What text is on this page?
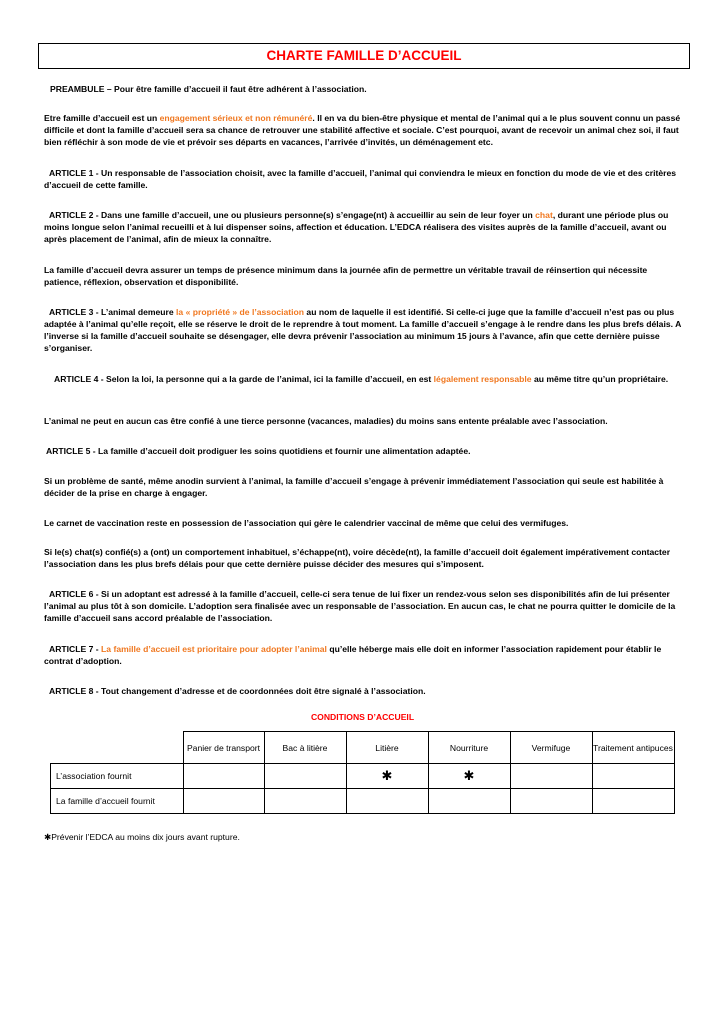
CHARTE FAMILLE D’ACCUEIL

PREAMBULE – Pour être famille d’accueil il faut être adhérent à l’association.

Etre famille d’accueil est un engagement sérieux et non rémunéré. Il en va du bien-être physique et mental de l’animal qui a le plus souvent connu un passé difficile et dont la famille d’accueil sera sa chance de retrouver une stabilité affective et sociale. C’est pourquoi, avant de recevoir un animal chez soi, il faut bien réfléchir à son mode de vie et prévoir ses départs en vacances, l’arrivée d’invités, un déménagement etc.

ARTICLE 1 - Un responsable de l’association choisit, avec la famille d’accueil, l’animal qui conviendra le mieux en fonction du mode de vie et des critères d’accueil de cette famille.

ARTICLE 2 - Dans une famille d’accueil, une ou plusieurs personne(s) s’engage(nt) à accueillir au sein de leur foyer un chat, durant une période plus ou moins longue selon l’animal recueilli et à lui dispenser soins, affection et éducation. L’EDCA réalisera des visites auprès de la famille d’accueil, avant ou après placement de l’animal, afin de mieux la connaître.

La famille d’accueil devra assurer un temps de présence minimum dans la journée afin de permettre un véritable travail de réinsertion qui nécessite patience, réflexion, observation et disponibilité.

ARTICLE 3 - L’animal demeure la « propriété » de l’association au nom de laquelle il est identifié. Si celle-ci juge que la famille d’accueil n’est pas ou plus adaptée à l’animal qu’elle reçoit, elle se réserve le droit de le reprendre à tout moment. La famille d’accueil s’engage à le rendre dans les plus brefs délais. A l’inverse si la famille d’accueil souhaite se désengager, elle devra prévenir l’association au minimum 15 jours à l’avance, afin que cette dernière puisse s’organiser.

ARTICLE 4 - Selon la loi, la personne qui a la garde de l’animal, ici la famille d’accueil, en est légalement responsable au même titre qu’un propriétaire.

L’animal ne peut en aucun cas être confié à une tierce personne (vacances, maladies) du moins sans entente préalable avec l’association.

ARTICLE 5 - La famille d’accueil doit prodiguer les soins quotidiens et fournir une alimentation adaptée.

Si un problème de santé, même anodin survient à l’animal, la famille d’accueil s’engage à prévenir immédiatement l’association qui seule est habilitée à décider de la prise en charge à engager.

Le carnet de vaccination reste en possession de l’association qui gère le calendrier vaccinal de même que celui des vermifuges.

Si le(s) chat(s) confié(s) a (ont) un comportement inhabituel, s’échappe(nt), voire décède(nt), la famille d’accueil doit également impérativement contacter l’association dans les plus brefs délais pour que cette dernière puisse décider des mesures qui s’imposent.

ARTICLE 6 - Si un adoptant est adressé à la famille d’accueil, celle-ci sera tenue de lui fixer un rendez-vous selon ses disponibilités afin de lui présenter l’animal au plus tôt à son domicile. L’adoption sera finalisée avec un responsable de l’association. En aucun cas, le chat ne pourra quitter le domicile de la famille d’accueil sans accord préalable de l’association.

ARTICLE 7 - La famille d’accueil est prioritaire pour adopter l’animal qu’elle héberge mais elle doit en informer l’association rapidement pour établir le contrat d’adoption.

ARTICLE 8 - Tout changement d’adresse et de coordonnées doit être signalé à l’association.

CONDITIONS D’ACCUEIL
	Panier de transport	Bac à litière	Litière	Nourriture	Vermifuge	Traitement antipuces
L’association fournit			✱	✱		
La famille d’accueil fournit						
✱Prévenir l’EDCA au moins dix jours avant rupture.
